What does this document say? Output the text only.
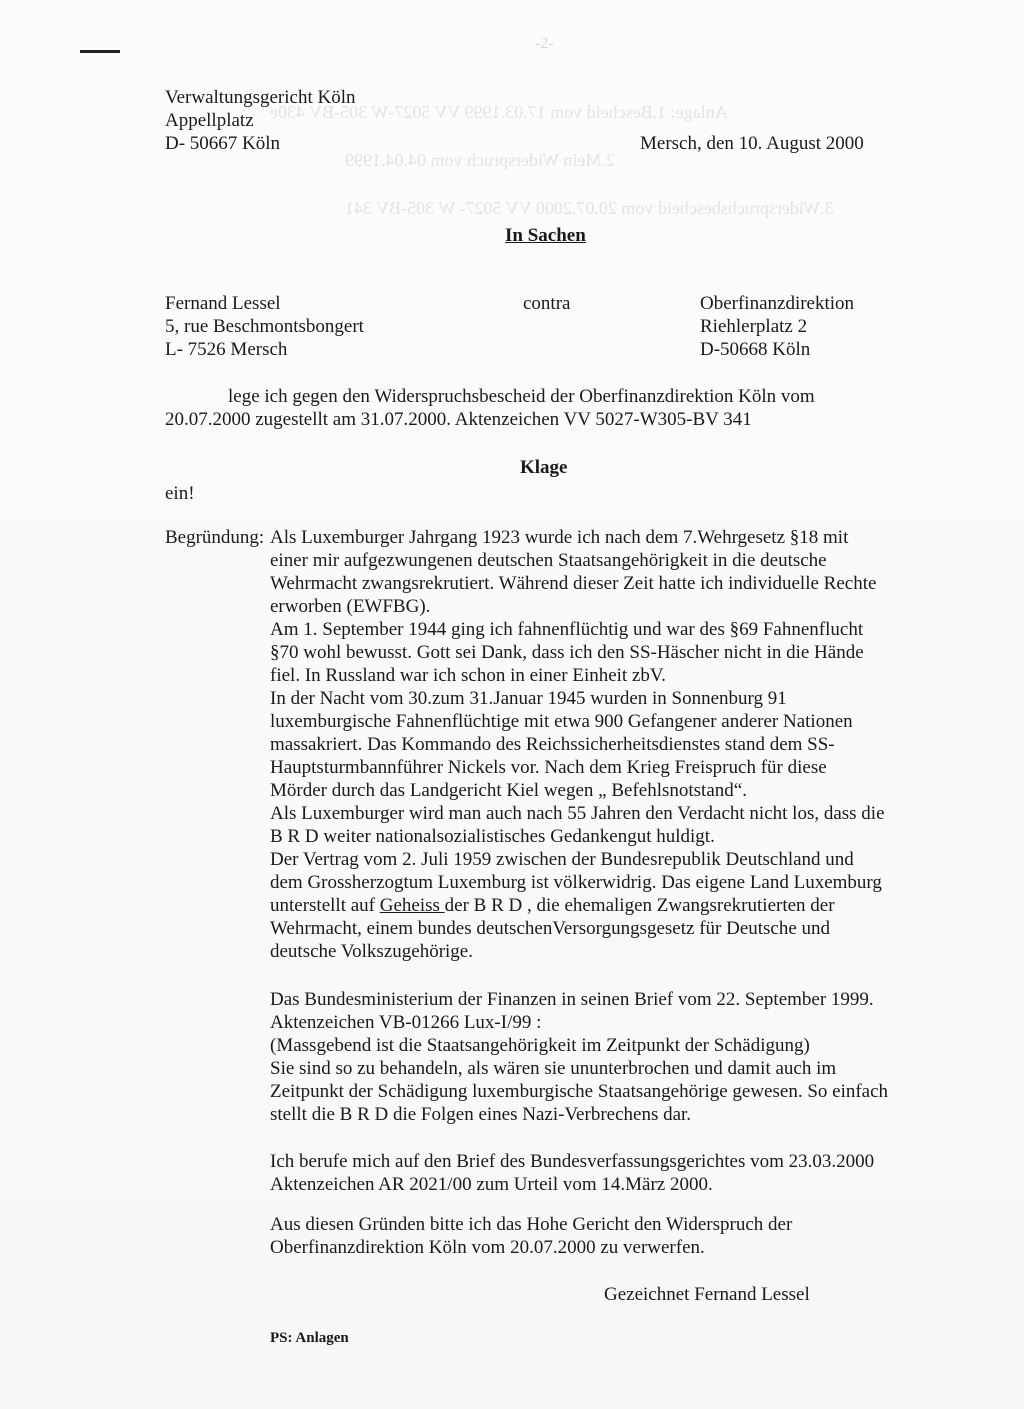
-2-
Anlage: 1.Bescheid vom 17.03.1999 VV 5027-W 305-BV 430e
2.Mein Widerspruch vom 04.04.1999
3.Widerspruchsbescheid vom 20.07.2000 VV 5027- W 305-BV 341
Verwaltungsgericht Köln
Appellplatz
D- 50667 Köln	Mersch, den 10. August 2000
In Sachen
Fernand Lessel
5, rue Beschmontsbongert
L- 7526 Mersch
contra	Oberfinanzdirektion
Riehlerplatz 2
D-50668 Köln
lege ich gegen den Widerspruchsbescheid der Oberfinanzdirektion Köln vom
20.07.2000 zugestellt am 31.07.2000. Aktenzeichen VV 5027-W305-BV 341
Klage
ein!
Begründung: Als Luxemburger Jahrgang 1923 wurde ich nach dem 7.Wehrgesetz §18 mit
einer mir aufgezwungenen deutschen Staatsangehörigkeit in die deutsche
Wehrmacht zwangsrekrutiert. Während dieser Zeit hatte ich individuelle Rechte
erworben (EWFBG).
Am 1. September 1944 ging ich fahnenflüchtig und war des §69 Fahnenflucht
§70 wohl bewusst. Gott sei Dank, dass ich den SS-Häscher nicht in die Hände
fiel. In Russland war ich schon in einer Einheit zbV.
In der Nacht vom 30.zum 31.Januar 1945 wurden in Sonnenburg 91
luxemburgische Fahnenflüchtige mit etwa 900 Gefangener anderer Nationen
massakriert. Das Kommando des Reichssicherheitsdienstes stand dem SS-
Hauptsturmbannführer Nickels vor. Nach dem Krieg Freispruch für diese
Mörder durch das Landgericht Kiel wegen „ Befehlsnotstand“.
Als Luxemburger wird man auch nach 55 Jahren den Verdacht nicht los, dass die
B R D weiter nationalsozialistisches Gedankengut huldigt.
Der Vertrag vom 2. Juli 1959 zwischen der Bundesrepublik Deutschland und
dem Grossherzogtum Luxemburg ist völkerwidrig. Das eigene Land Luxemburg
unterstellt auf Geheiss der B R D , die ehemaligen Zwangsrekrutierten der
Wehrmacht, einem bundes deutschenVersorgungsgesetz für Deutsche und
deutsche Volkszugehörige.
Das Bundesministerium der Finanzen in seinen Brief vom 22. September 1999.
Aktenzeichen VB-01266 Lux-I/99 :
(Massgebend ist die Staatsangehörigkeit im Zeitpunkt der Schädigung)
Sie sind so zu behandeln, als wären sie ununterbrochen und damit auch im
Zeitpunkt der Schädigung luxemburgische Staatsangehörige gewesen. So einfach
stellt die B R D die Folgen eines Nazi-Verbrechens dar.
Ich berufe mich auf den Brief des Bundesverfassungsgerichtes vom 23.03.2000
Aktenzeichen AR 2021/00 zum Urteil vom 14.März 2000.
Aus diesen Gründen bitte ich das Hohe Gericht den Widerspruch der
Oberfinanzdirektion Köln vom 20.07.2000 zu verwerfen.
Gezeichnet Fernand Lessel
PS: Anlagen
